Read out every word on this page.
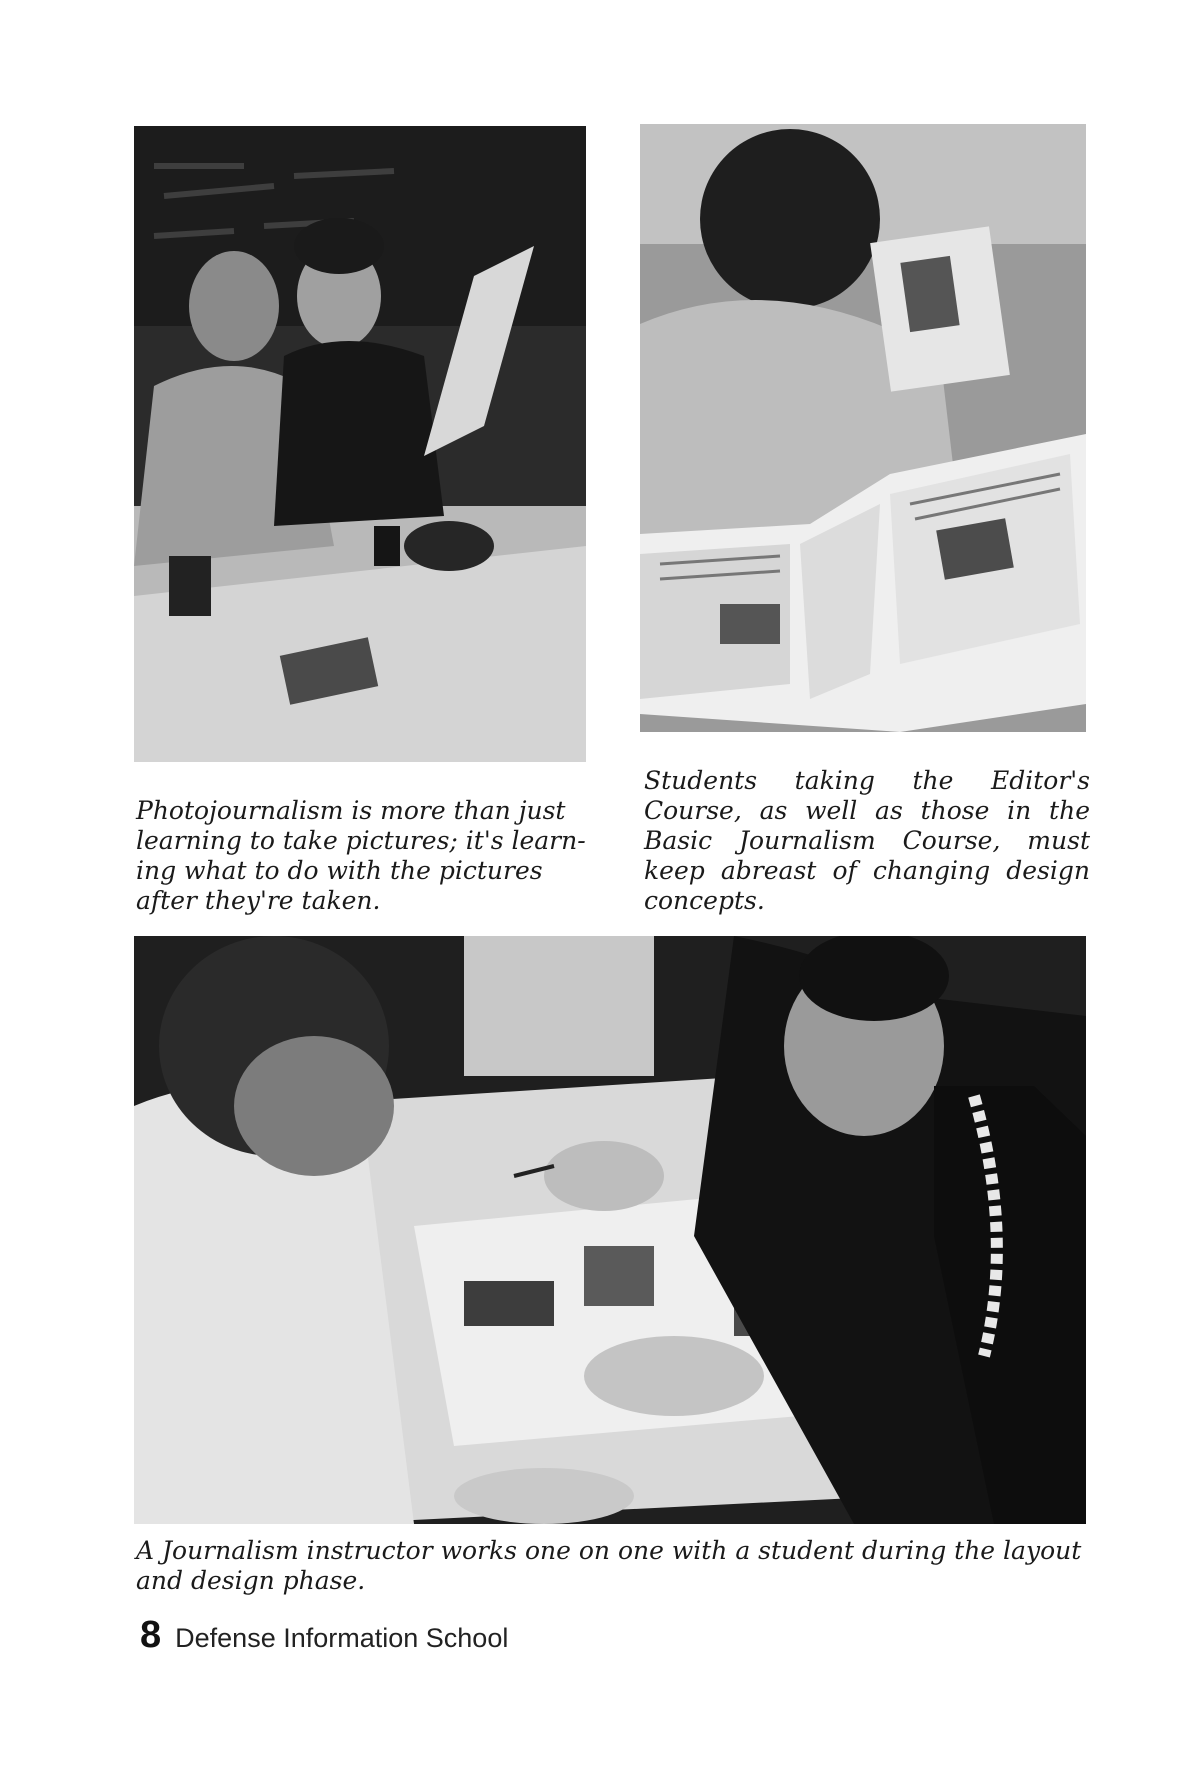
Photojournalism is more than just
learning to take pictures; it's learn-
ing what to do with the pictures
after they're taken.

Students taking the Editor's
Course, as well as those in the
Basic Journalism Course, must
keep abreast of changing design
concepts.

A Journalism instructor works one on one with a student during the layout
and design phase.

8 Defense Information School
